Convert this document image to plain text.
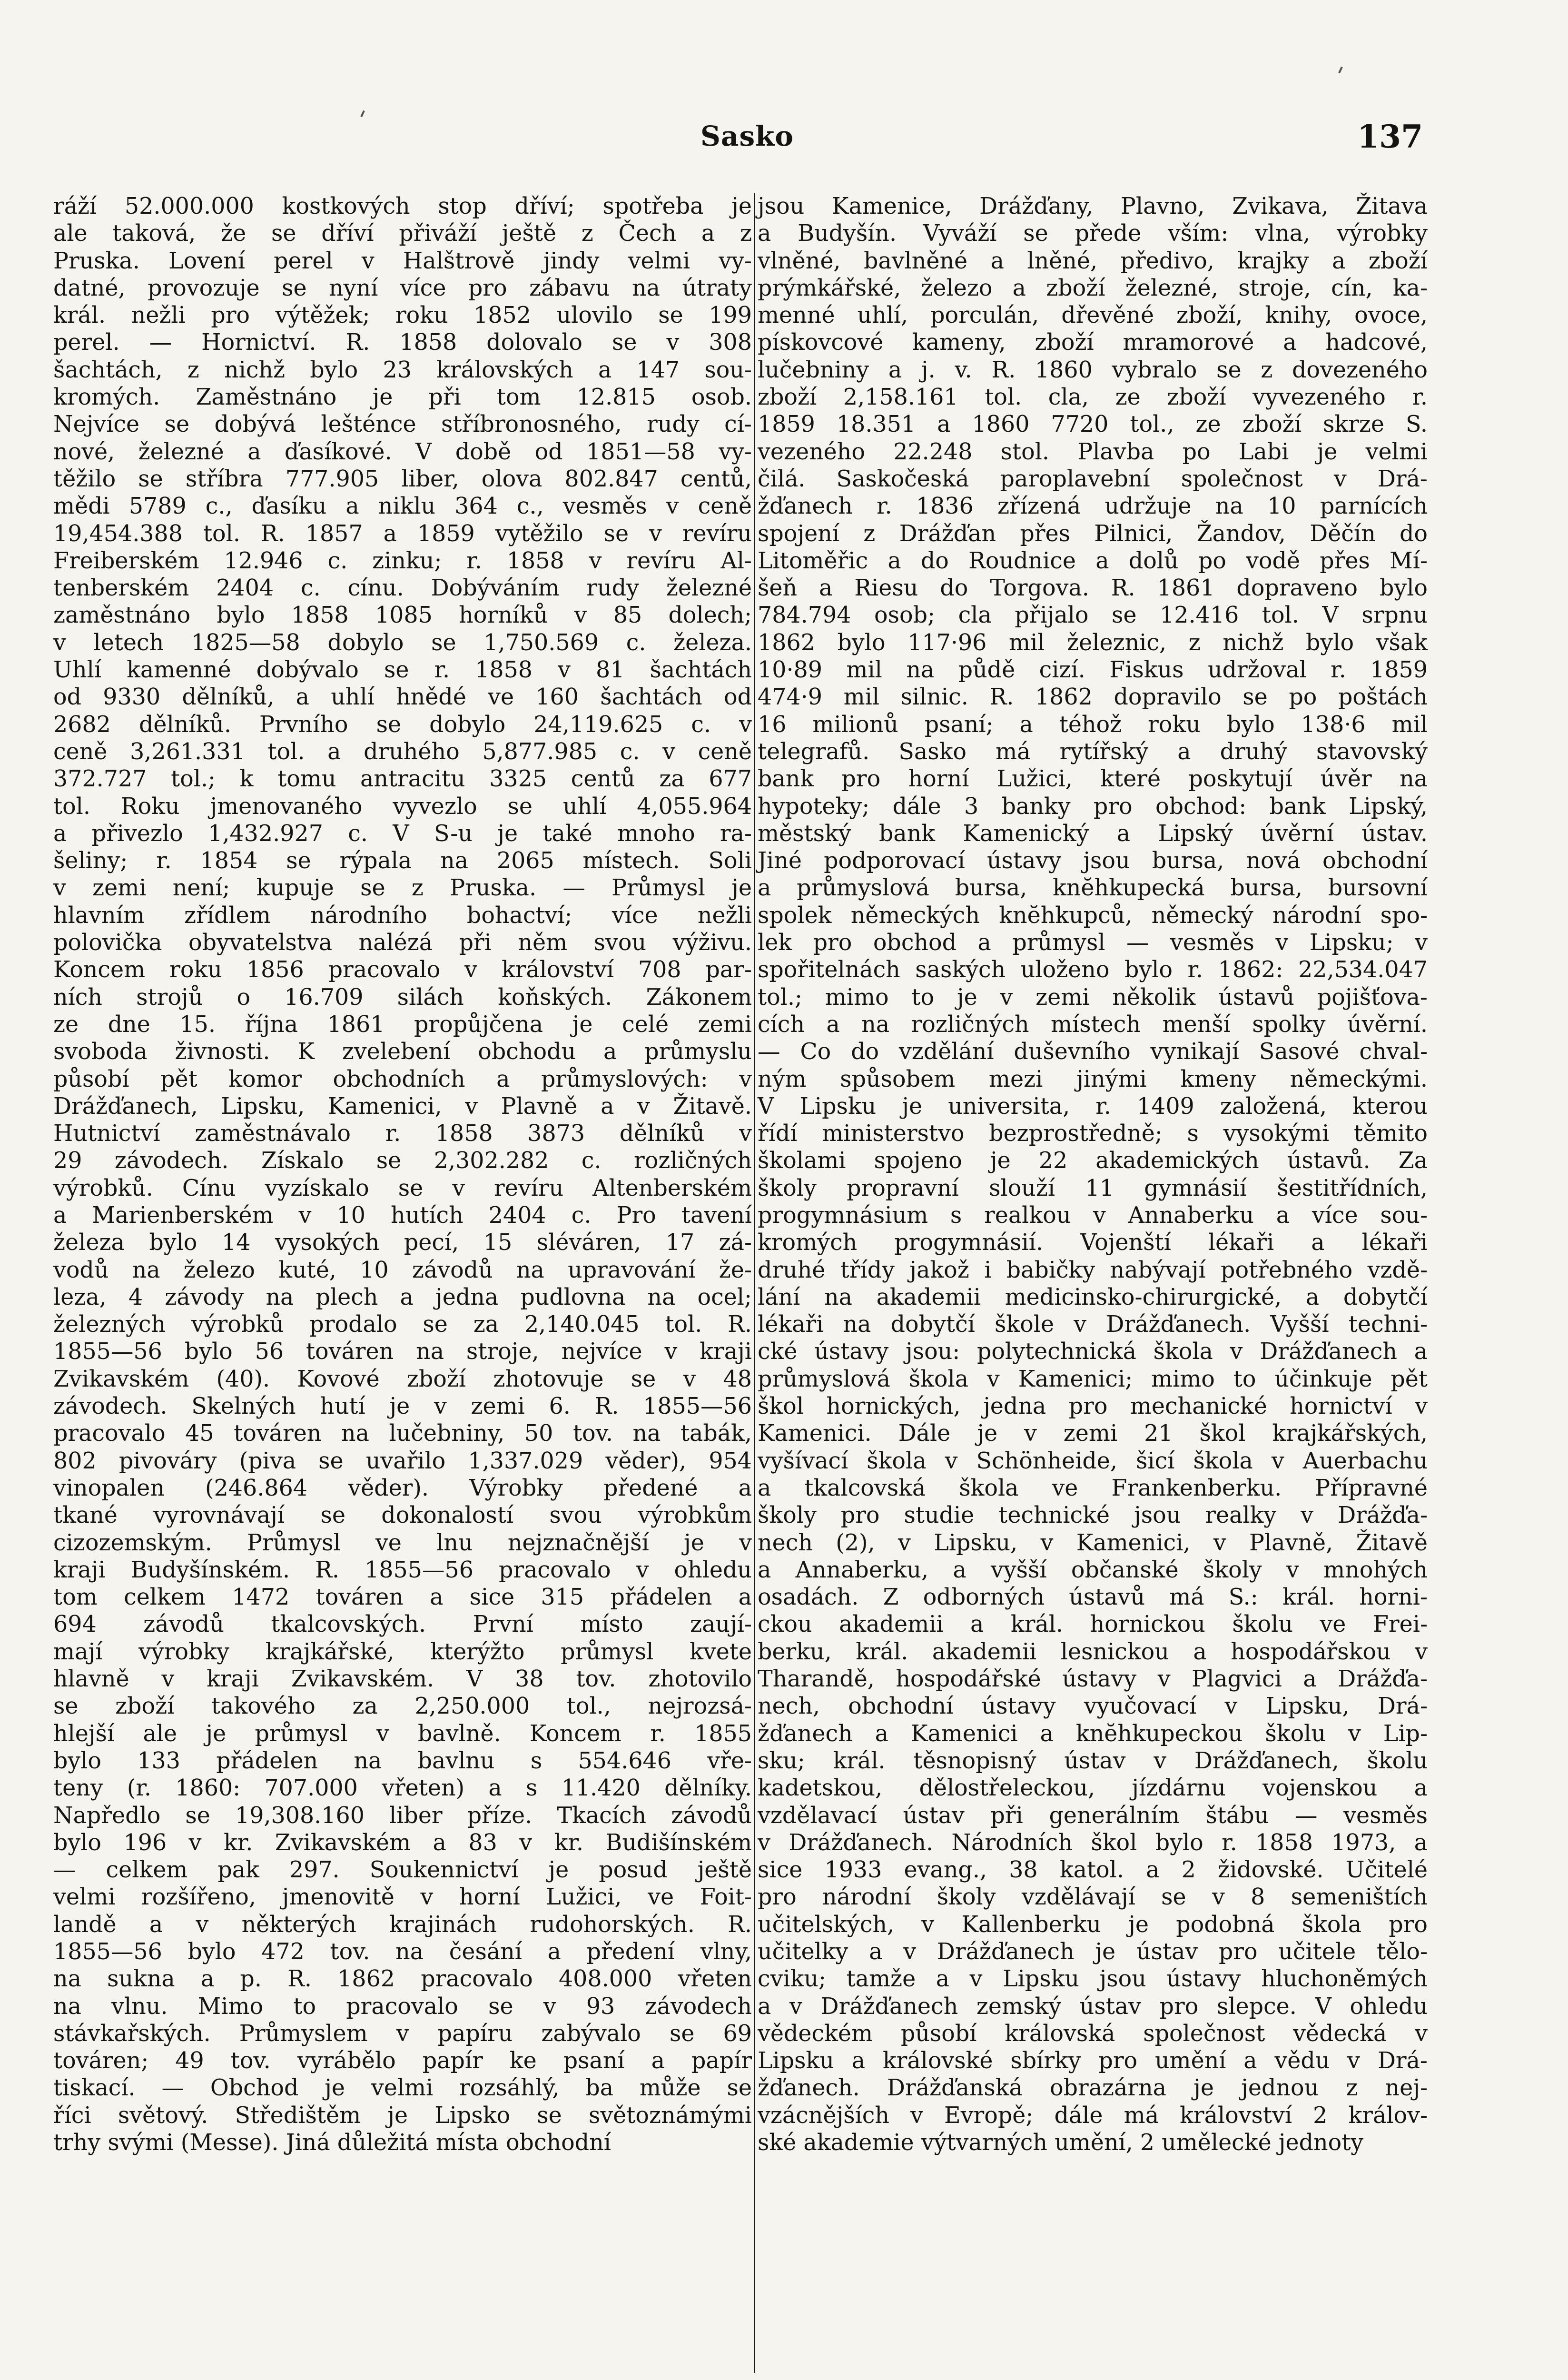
Sasko	137
ráží 52.000.000 kostkových stop dříví; spotřeba je
ale taková, že se dříví přiváží ještě z Čech a z
Pruska. Lovení perel v Halštrově jindy velmi vy-
datné, provozuje se nyní více pro zábavu na útraty
král. nežli pro výtěžek; roku 1852 ulovilo se 199
perel. — Hornictví. R. 1858 dolovalo se v 308
šachtách, z nichž bylo 23 královských a 147 sou-
kromých. Zaměstnáno je při tom 12.815 osob.
Nejvíce se dobývá lešténce stříbronosného, rudy cí-
nové, železné a ďasíkové. V době od 1851—58 vy-
těžilo se stříbra 777.905 liber, olova 802.847 centů,
mědi 5789 c., ďasíku a niklu 364 c., vesměs v ceně
19,454.388 tol. R. 1857 a 1859 vytěžilo se v revíru
Freiberském 12.946 c. zinku; r. 1858 v revíru Al-
tenberském 2404 c. cínu. Dobýváním rudy železné
zaměstnáno bylo 1858 1085 horníků v 85 dolech;
v letech 1825—58 dobylo se 1,750.569 c. železa.
Uhlí kamenné dobývalo se r. 1858 v 81 šachtách
od 9330 dělníků, a uhlí hnědé ve 160 šachtách od
2682 dělníků. Prvního se dobylo 24,119.625 c. v
ceně 3,261.331 tol. a druhého 5,877.985 c. v ceně
372.727 tol.; k tomu antracitu 3325 centů za 677
tol. Roku jmenovaného vyvezlo se uhlí 4,055.964
a přivezlo 1,432.927 c. V S-u je také mnoho ra-
šeliny; r. 1854 se rýpala na 2065 místech. Soli
v zemi není; kupuje se z Pruska. — Průmysl je
hlavním zřídlem národního bohactví; více nežli
polovička obyvatelstva nalézá při něm svou výživu.
Koncem roku 1856 pracovalo v království 708 par-
ních strojů o 16.709 silách koňských. Zákonem
ze dne 15. října 1861 propůjčena je celé zemi
svoboda živnosti. K zvelebení obchodu a průmyslu
působí pět komor obchodních a průmyslových: v
Drážďanech, Lipsku, Kamenici, v Plavně a v Žitavě.
Hutnictví zaměstnávalo r. 1858 3873 dělníků v
29 závodech. Získalo se 2,302.282 c. rozličných
výrobků. Cínu vyzískalo se v revíru Altenberském
a Marienberském v 10 hutích 2404 c. Pro tavení
železa bylo 14 vysokých pecí, 15 sléváren, 17 zá-
vodů na železo kuté, 10 závodů na upravování že-
leza, 4 závody na plech a jedna pudlovna na ocel;
železných výrobků prodalo se za 2,140.045 tol. R.
1855—56 bylo 56 továren na stroje, nejvíce v kraji
Zvikavském (40). Kovové zboží zhotovuje se v 48
závodech. Skelných hutí je v zemi 6. R. 1855—56
pracovalo 45 továren na lučebniny, 50 tov. na tabák,
802 pivováry (piva se uvařilo 1,337.029 věder), 954
vinopalen (246.864 věder). Výrobky předené a
tkané vyrovnávají se dokonalostí svou výrobkům
cizozemským. Průmysl ve lnu nejznačnější je v
kraji Budyšínském. R. 1855—56 pracovalo v ohledu
tom celkem 1472 továren a sice 315 přádelen a
694 závodů tkalcovských. První místo zaují-
mají výrobky krajkářské, kterýžto průmysl kvete
hlavně v kraji Zvikavském. V 38 tov. zhotovilo
se zboží takového za 2,250.000 tol., nejrozsá-
hlejší ale je průmysl v bavlně. Koncem r. 1855
bylo 133 přádelen na bavlnu s 554.646 vře-
teny (r. 1860: 707.000 vřeten) a s 11.420 dělníky.
Napředlo se 19,308.160 liber příze. Tkacích závodů
bylo 196 v kr. Zvikavském a 83 v kr. Budišínském
— celkem pak 297. Soukennictví je posud ještě
velmi rozšířeno, jmenovitě v horní Lužici, ve Foit-
landě a v některých krajinách rudohorských. R.
1855—56 bylo 472 tov. na česání a předení vlny,
na sukna a p. R. 1862 pracovalo 408.000 vřeten
na vlnu. Mimo to pracovalo se v 93 závodech
stávkařských. Průmyslem v papíru zabývalo se 69
továren; 49 tov. vyrábělo papír ke psaní a papír
tiskací. — Obchod je velmi rozsáhlý, ba může se
říci světový. Středištěm je Lipsko se světoznámými
trhy svými (Messe). Jiná důležitá místa obchodní
jsou Kamenice, Drážďany, Plavno, Zvikava, Žitava
a Budyšín. Vyváží se přede vším: vlna, výrobky
vlněné, bavlněné a lněné, předivo, krajky a zboží
prýmkářské, železo a zboží železné, stroje, cín, ka-
menné uhlí, porculán, dřevěné zboží, knihy, ovoce,
pískovcové kameny, zboží mramorové a hadcové,
lučebniny a j. v. R. 1860 vybralo se z dovezeného
zboží 2,158.161 tol. cla, ze zboží vyvezeného r.
1859 18.351 a 1860 7720 tol., ze zboží skrze S.
vezeného 22.248 stol. Plavba po Labi je velmi
čilá. Saskočeská paroplavební společnost v Drá-
žďanech r. 1836 zřízená udržuje na 10 parnících
spojení z Drážďan přes Pilnici, Žandov, Děčín do
Litoměřic a do Roudnice a dolů po vodě přes Mí-
šeň a Riesu do Torgova. R. 1861 dopraveno bylo
784.794 osob; cla přijalo se 12.416 tol. V srpnu
1862 bylo 117·96 mil železnic, z nichž bylo však
10·89 mil na půdě cizí. Fiskus udržoval r. 1859
474·9 mil silnic. R. 1862 dopravilo se po poštách
16 milionů psaní; a téhož roku bylo 138·6 mil
telegrafů. Sasko má rytířský a druhý stavovský
bank pro horní Lužici, které poskytují úvěr na
hypoteky; dále 3 banky pro obchod: bank Lipský,
městský bank Kamenický a Lipský úvěrní ústav.
Jiné podporovací ústavy jsou bursa, nová obchodní
a průmyslová bursa, knĕhkupecká bursa, bursovní
spolek německých knĕhkupců, německý národní spo-
lek pro obchod a průmysl — vesměs v Lipsku; v
spořitelnách saských uloženo bylo r. 1862: 22,534.047
tol.; mimo to je v zemi několik ústavů pojišťova-
cích a na rozličných místech menší spolky úvěrní.
— Co do vzdělání duševního vynikají Sasové chval-
ným spůsobem mezi jinými kmeny německými.
V Lipsku je universita, r. 1409 založená, kterou
řídí ministerstvo bezprostředně; s vysokými těmito
školami spojeno je 22 akademických ústavů. Za
školy propravní slouží 11 gymnásií šestitřídních,
progymnásium s realkou v Annaberku a více sou-
kromých progymnásií. Vojenští lékaři a lékaři
druhé třídy jakož i babičky nabývají potřebného vzdě-
lání na akademii medicinsko-chirurgické, a dobytčí
lékaři na dobytčí škole v Drážďanech. Vyšší techni-
cké ústavy jsou: polytechnická škola v Drážďanech a
průmyslová škola v Kamenici; mimo to účinkuje pět
škol hornických, jedna pro mechanické hornictví v
Kamenici. Dále je v zemi 21 škol krajkářských,
vyšívací škola v Schönheide, šicí škola v Auerbachu
a tkalcovská škola ve Frankenberku. Přípravné
školy pro studie technické jsou realky v Drážďa-
nech (2), v Lipsku, v Kamenici, v Plavně, Žitavě
a Annaberku, a vyšší občanské školy v mnohých
osadách. Z odborných ústavů má S.: král. horni-
ckou akademii a král. hornickou školu ve Frei-
berku, král. akademii lesnickou a hospodářskou v
Tharandě, hospodářské ústavy v Plagvici a Drážďa-
nech, obchodní ústavy vyučovací v Lipsku, Drá-
žďanech a Kamenici a knĕhkupeckou školu v Lip-
sku; král. těsnopisný ústav v Drážďanech, školu
kadetskou, dělostřeleckou, jízdárnu vojenskou a
vzdělavací ústav při generálním štábu — vesměs
v Drážďanech. Národních škol bylo r. 1858 1973, a
sice 1933 evang., 38 katol. a 2 židovské. Učitelé
pro národní školy vzdělávají se v 8 semeništích
učitelských, v Kallenberku je podobná škola pro
učitelky a v Drážďanech je ústav pro učitele tělo-
cviku; tamže a v Lipsku jsou ústavy hluchoněmých
a v Drážďanech zemský ústav pro slepce. V ohledu
vědeckém působí královská společnost vědecká v
Lipsku a královské sbírky pro umění a vědu v Drá-
žďanech. Drážďanská obrazárna je jednou z nej-
vzácnějších v Evropě; dále má království 2 králov-
ské akademie výtvarných umění, 2 umělecké jednoty
